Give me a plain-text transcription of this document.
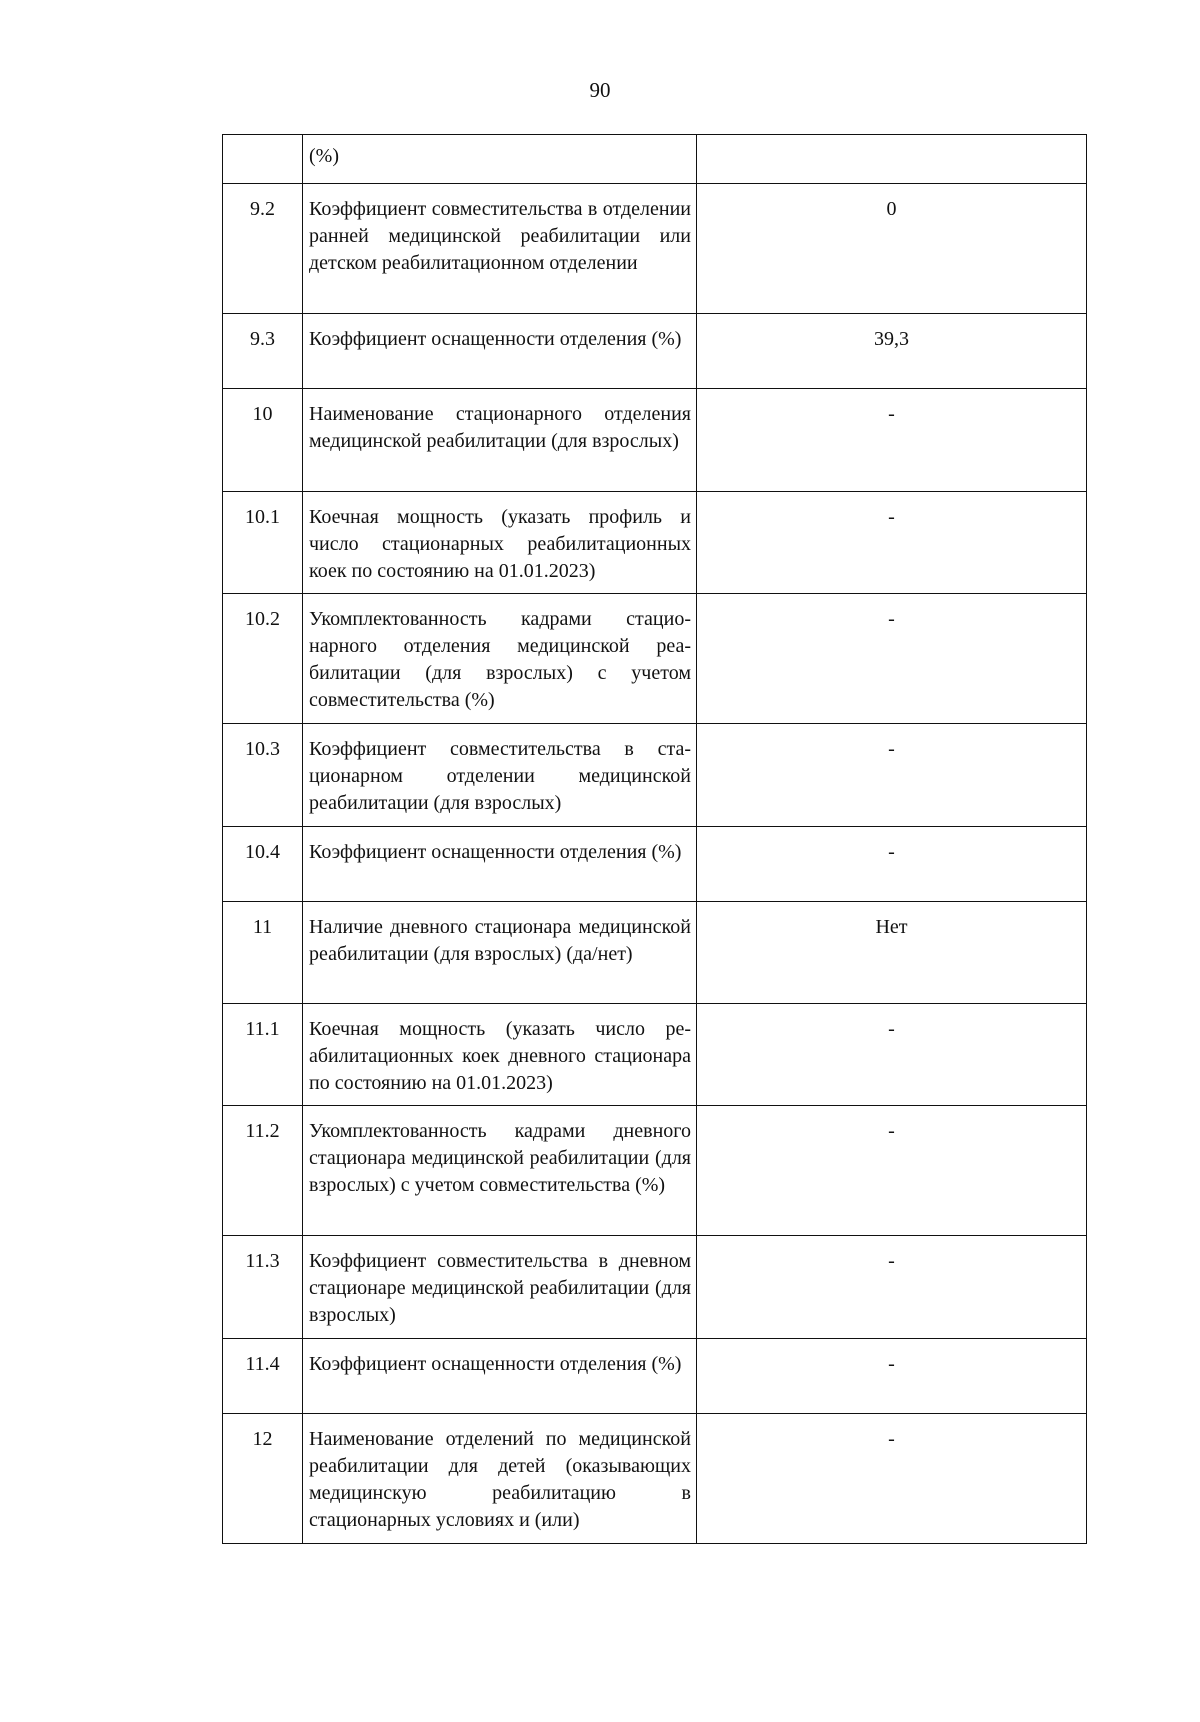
90
	(%)	
9.2	Коэффициент совместительства в отделении ранней медицинской реабилитации или детском реабилитационном отделении	0
9.3	Коэффициент оснащенности отделения (%)	39,3
10	Наименование стационарного отделения медицинской реабилитации (для взрослых)	-
10.1	Коечная мощность (указать профиль и число стационарных реабилитационных коек по состоянию на 01.01.2023)	-
10.2	Укомплектованность кадрами стационарного отделения медицинской реабилитации (для взрослых) с учетом совместительства (%)	-
10.3	Коэффициент совместительства в стационарном отделении медицинской реабилитации (для взрослых)	-
10.4	Коэффициент оснащенности отделения (%)	-
11	Наличие дневного стационара медицинской реабилитации (для взрослых) (да/нет)	Нет
11.1	Коечная мощность (указать число реабилитационных коек дневного стационара по состоянию на 01.01.2023)	-
11.2	Укомплектованность кадрами дневного стационара медицинской реабилитации (для взрослых) с учетом совместительства (%)	-
11.3	Коэффициент совместительства в дневном стационаре медицинской реабилитации (для взрослых)	-
11.4	Коэффициент оснащенности отделения (%)	-
12	Наименование отделений по медицинской реабилитации для детей (оказывающих медицинскую реабилитацию в стационарных условиях и (или)	-
